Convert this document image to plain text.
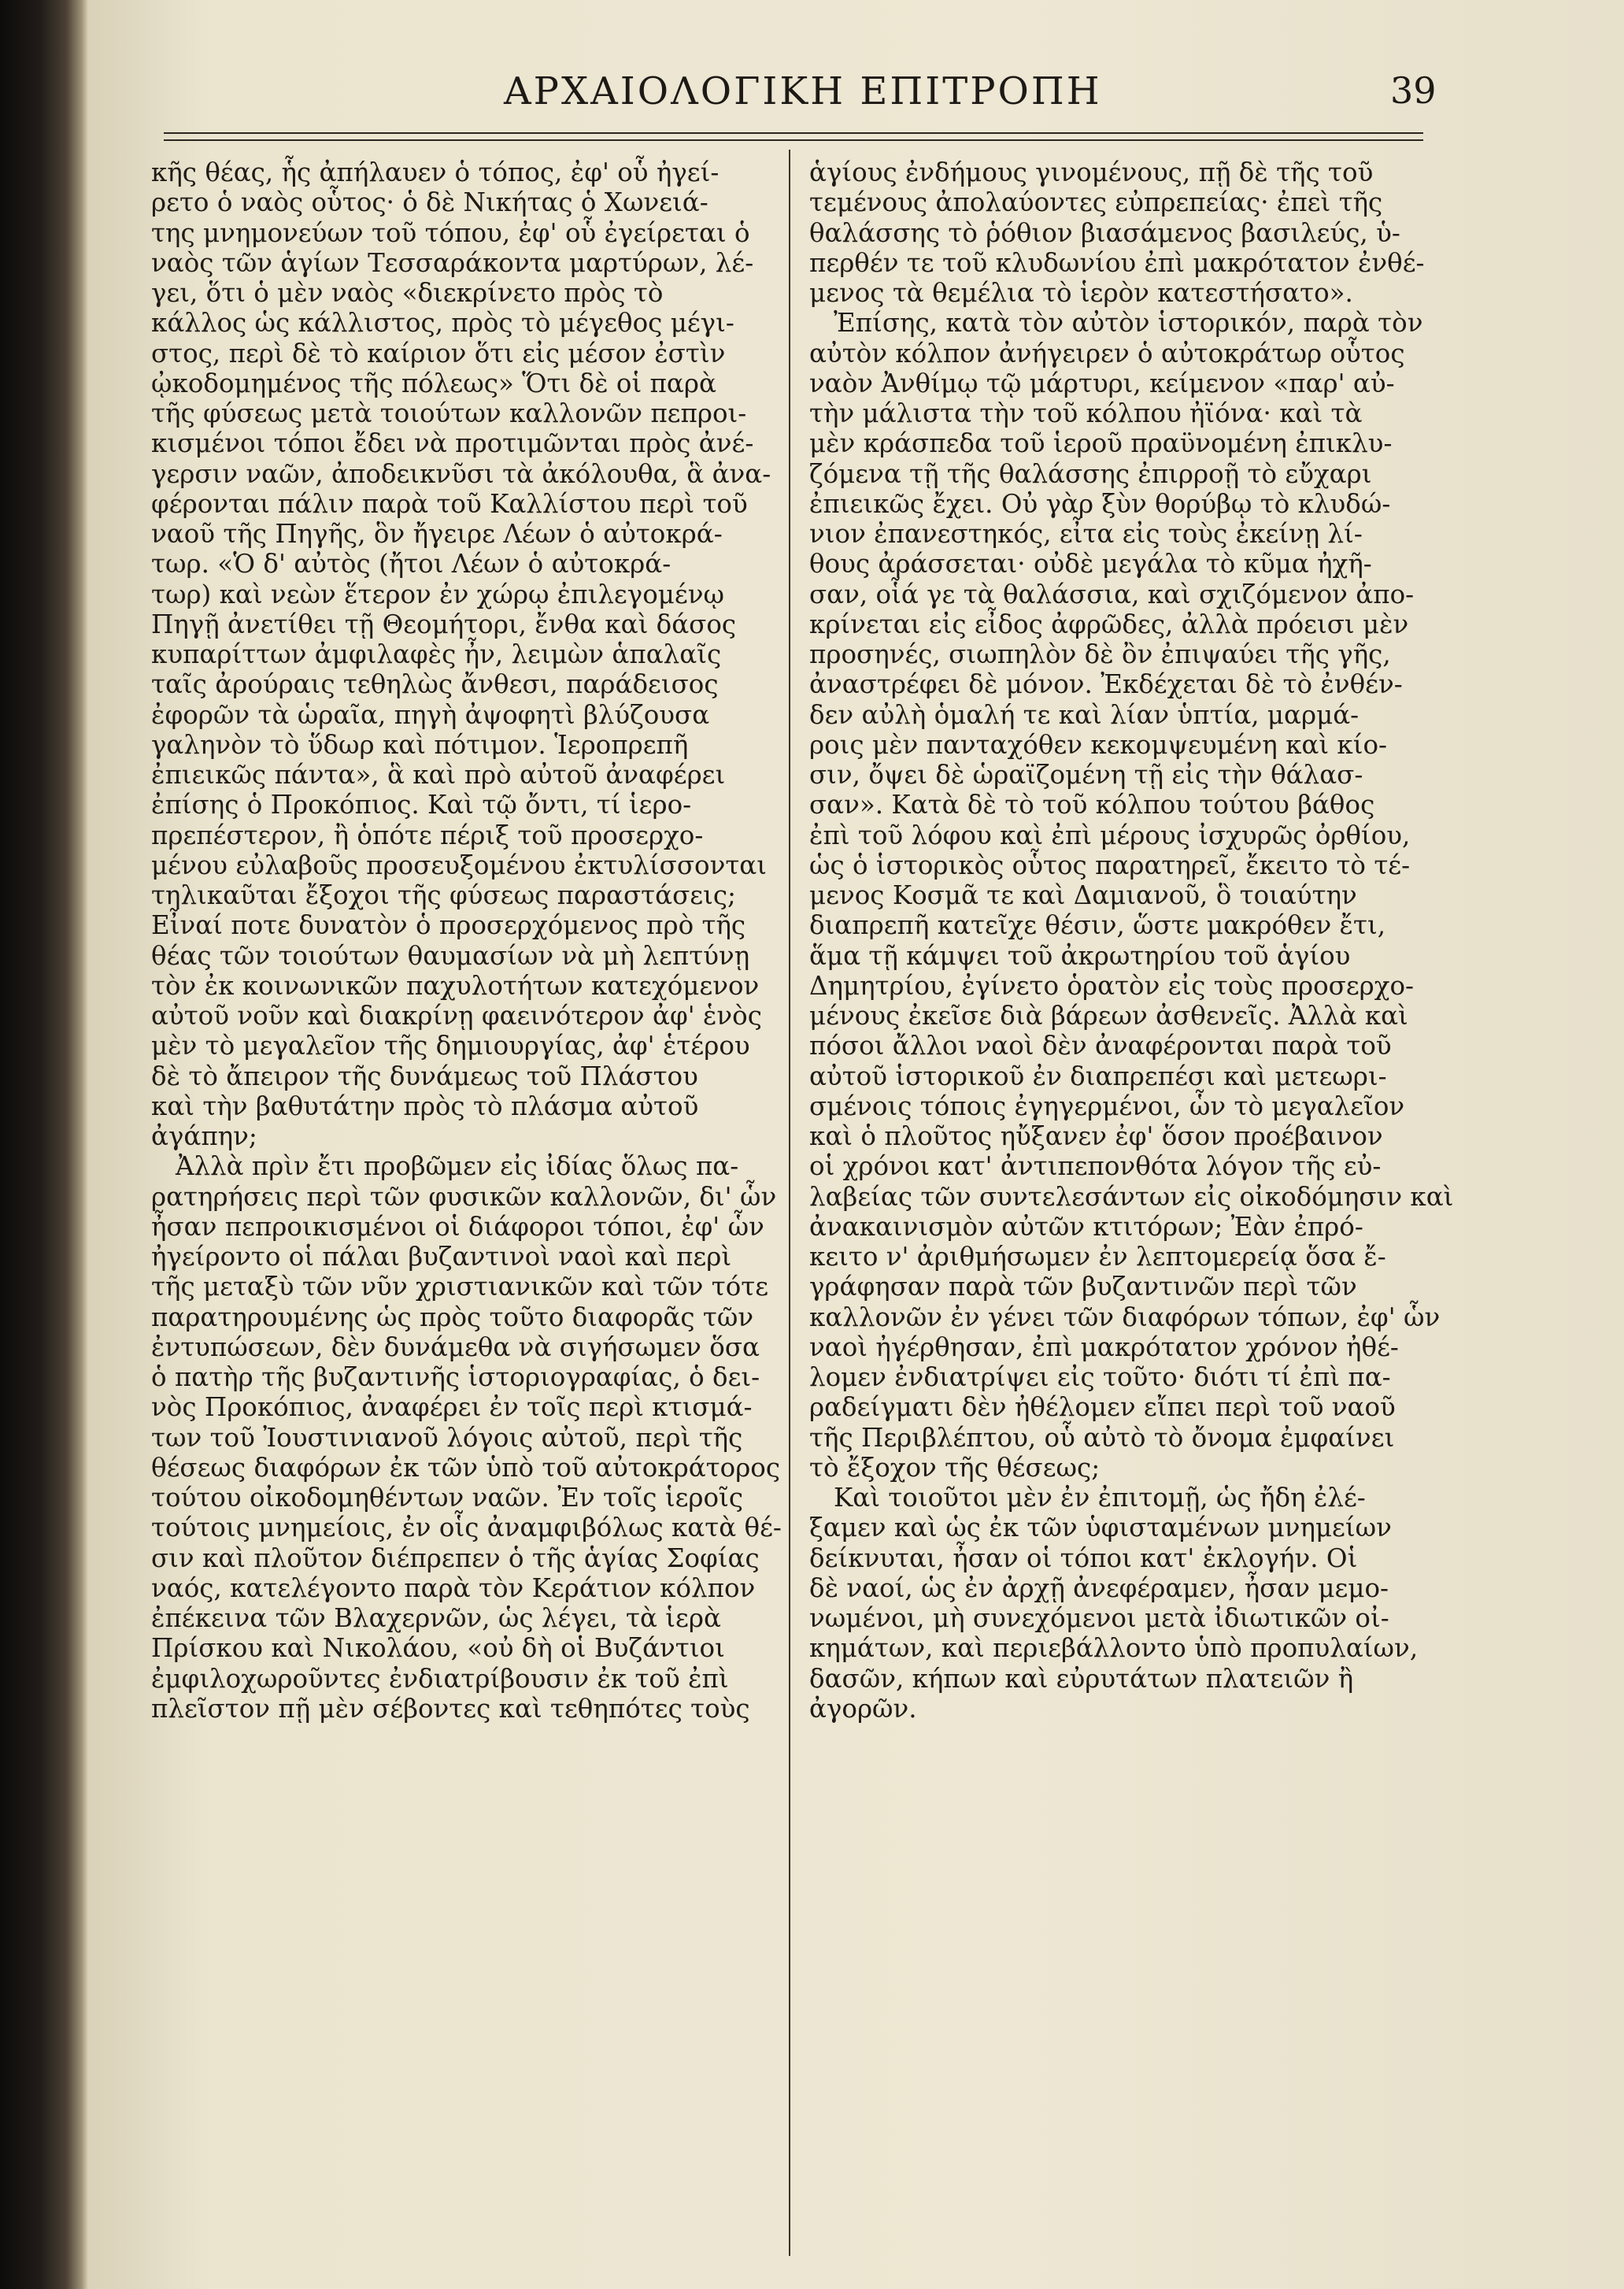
ΑΡΧΑΙΟΛΟΓΙΚΗ ΕΠΙΤΡΟΠΗ	39
κῆς θέας, ἧς ἀπήλαυεν ὁ τόπος, ἐφ' οὗ ἠγεί-
ρετο ὁ ναὸς οὗτος· ὁ δὲ Νικήτας ὁ Χωνειά-
της μνημονεύων τοῦ τόπου, ἐφ' οὗ ἐγείρεται ὁ
ναὸς τῶν ἁγίων Τεσσαράκοντα μαρτύρων, λέ-
γει, ὅτι ὁ μὲν ναὸς «διεκρίνετο πρὸς τὸ
κάλλος ὡς κάλλιστος, πρὸς τὸ μέγεθος μέγι-
στος, περὶ δὲ τὸ καίριον ὅτι εἰς μέσον ἐστὶν
ᾠκοδομημένος τῆς πόλεως» Ὅτι δὲ οἱ παρὰ
τῆς φύσεως μετὰ τοιούτων καλλονῶν πεπροι-
κισμένοι τόποι ἔδει νὰ προτιμῶνται πρὸς ἀνέ-
γερσιν ναῶν, ἀποδεικνῦσι τὰ ἀκόλουθα, ἃ ἀνα-
φέρονται πάλιν παρὰ τοῦ Καλλίστου περὶ τοῦ
ναοῦ τῆς Πηγῆς, ὃν ἤγειρε Λέων ὁ αὐτοκρά-
τωρ. «Ὁ δ' αὐτὸς (ἤτοι Λέων ὁ αὐτοκρά-
τωρ) καὶ νεὼν ἕτερον ἐν χώρῳ ἐπιλεγομένῳ
Πηγῇ ἀνετίθει τῇ Θεομήτορι, ἔνθα καὶ δάσος
κυπαρίττων ἀμφιλαφὲς ἦν, λειμὼν ἁπαλαῖς
ταῖς ἀρούραις τεθηλὼς ἄνθεσι, παράδεισος
ἐφορῶν τὰ ὡραῖα, πηγὴ ἀψοφητὶ βλύζουσα
γαληνὸν τὸ ὕδωρ καὶ πότιμον. Ἱεροπρεπῆ
ἐπιεικῶς πάντα», ἃ καὶ πρὸ αὐτοῦ ἀναφέρει
ἐπίσης ὁ Προκόπιος. Καὶ τῷ ὄντι, τί ἱερο-
πρεπέστερον, ἢ ὁπότε πέριξ τοῦ προσερχο-
μένου εὐλαβοῦς προσευξομένου ἐκτυλίσσονται
τηλικαῦται ἔξοχοι τῆς φύσεως παραστάσεις;
Εἶναί ποτε δυνατὸν ὁ προσερχόμενος πρὸ τῆς
θέας τῶν τοιούτων θαυμασίων νὰ μὴ λεπτύνῃ
τὸν ἐκ κοινωνικῶν παχυλοτήτων κατεχόμενον
αὐτοῦ νοῦν καὶ διακρίνῃ φαεινότερον ἀφ' ἑνὸς
μὲν τὸ μεγαλεῖον τῆς δημιουργίας, ἀφ' ἑτέρου
δὲ τὸ ἄπειρον τῆς δυνάμεως τοῦ Πλάστου
καὶ τὴν βαθυτάτην πρὸς τὸ πλάσμα αὐτοῦ
ἀγάπην;
Ἀλλὰ πρὶν ἔτι προβῶμεν εἰς ἰδίας ὅλως πα-
ρατηρήσεις περὶ τῶν φυσικῶν καλλονῶν, δι' ὧν
ἦσαν πεπροικισμένοι οἱ διάφοροι τόποι, ἐφ' ὧν
ἠγείροντο οἱ πάλαι βυζαντινοὶ ναοὶ καὶ περὶ
τῆς μεταξὺ τῶν νῦν χριστιανικῶν καὶ τῶν τότε
παρατηρουμένης ὡς πρὸς τοῦτο διαφορᾶς τῶν
ἐντυπώσεων, δὲν δυνάμεθα νὰ σιγήσωμεν ὅσα
ὁ πατὴρ τῆς βυζαντινῆς ἱστοριογραφίας, ὁ δει-
νὸς Προκόπιος, ἀναφέρει ἐν τοῖς περὶ κτισμά-
των τοῦ Ἰουστινιανοῦ λόγοις αὐτοῦ, περὶ τῆς
θέσεως διαφόρων ἐκ τῶν ὑπὸ τοῦ αὐτοκράτορος
τούτου οἰκοδομηθέντων ναῶν. Ἐν τοῖς ἱεροῖς
τούτοις μνημείοις, ἐν οἷς ἀναμφιβόλως κατὰ θέ-
σιν καὶ πλοῦτον διέπρεπεν ὁ τῆς ἁγίας Σοφίας
ναός, κατελέγοντο παρὰ τὸν Κεράτιον κόλπον
ἐπέκεινα τῶν Βλαχερνῶν, ὡς λέγει, τὰ ἱερὰ
Πρίσκου καὶ Νικολάου, «οὐ δὴ οἱ Βυζάντιοι
ἐμφιλοχωροῦντες ἐνδιατρίβουσιν ἐκ τοῦ ἐπὶ
πλεῖστον πῇ μὲν σέβοντες καὶ τεθηπότες τοὺς
ἁγίους ἐνδήμους γινομένους, πῇ δὲ τῆς τοῦ
τεμένους ἀπολαύοντες εὐπρεπείας· ἐπεὶ τῆς
θαλάσσης τὸ ῥόθιον βιασάμενος βασιλεύς, ὑ-
περθέν τε τοῦ κλυδωνίου ἐπὶ μακρότατον ἐνθέ-
μενος τὰ θεμέλια τὸ ἱερὸν κατεστήσατο».
Ἐπίσης, κατὰ τὸν αὐτὸν ἱστορικόν, παρὰ τὸν
αὐτὸν κόλπον ἀνήγειρεν ὁ αὐτοκράτωρ οὗτος
ναὸν Ἀνθίμῳ τῷ μάρτυρι, κείμενον «παρ' αὐ-
τὴν μάλιστα τὴν τοῦ κόλπου ἠϊόνα· καὶ τὰ
μὲν κράσπεδα τοῦ ἱεροῦ πραϋνομένη ἐπικλυ-
ζόμενα τῇ τῆς θαλάσσης ἐπιρροῇ τὸ εὔχαρι
ἐπιεικῶς ἔχει. Οὐ γὰρ ξὺν θορύβῳ τὸ κλυδώ-
νιον ἐπανεστηκός, εἶτα εἰς τοὺς ἐκείνῃ λί-
θους ἀράσσεται· οὐδὲ μεγάλα τὸ κῦμα ἠχῆ-
σαν, οἷά γε τὰ θαλάσσια, καὶ σχιζόμενον ἀπο-
κρίνεται εἰς εἶδος ἀφρῶδες, ἀλλὰ πρόεισι μὲν
προσηνές, σιωπηλὸν δὲ ὂν ἐπιψαύει τῆς γῆς,
ἀναστρέφει δὲ μόνον. Ἐκδέχεται δὲ τὸ ἐνθέν-
δεν αὐλὴ ὁμαλή τε καὶ λίαν ὑπτία, μαρμά-
ροις μὲν πανταχόθεν κεκομψευμένη καὶ κίο-
σιν, ὄψει δὲ ὡραϊζομένη τῇ εἰς τὴν θάλασ-
σαν». Κατὰ δὲ τὸ τοῦ κόλπου τούτου βάθος
ἐπὶ τοῦ λόφου καὶ ἐπὶ μέρους ἰσχυρῶς ὀρθίου,
ὡς ὁ ἱστορικὸς οὗτος παρατηρεῖ, ἔκειτο τὸ τέ-
μενος Κοσμᾶ τε καὶ Δαμιανοῦ, ὃ τοιαύτην
διαπρεπῆ κατεῖχε θέσιν, ὥστε μακρόθεν ἔτι,
ἅμα τῇ κάμψει τοῦ ἀκρωτηρίου τοῦ ἁγίου
Δημητρίου, ἐγίνετο ὁρατὸν εἰς τοὺς προσερχο-
μένους ἐκεῖσε διὰ βάρεων ἀσθενεῖς. Ἀλλὰ καὶ
πόσοι ἄλλοι ναοὶ δὲν ἀναφέρονται παρὰ τοῦ
αὐτοῦ ἱστορικοῦ ἐν διαπρεπέσι καὶ μετεωρι-
σμένοις τόποις ἐγηγερμένοι, ὧν τὸ μεγαλεῖον
καὶ ὁ πλοῦτος ηὔξανεν ἐφ' ὅσον προέβαινον
οἱ χρόνοι κατ' ἀντιπεπονθότα λόγον τῆς εὐ-
λαβείας τῶν συντελεσάντων εἰς οἰκοδόμησιν καὶ
ἀνακαινισμὸν αὐτῶν κτιτόρων; Ἐὰν ἐπρό-
κειτο ν' ἀριθμήσωμεν ἐν λεπτομερείᾳ ὅσα ἔ-
γράφησαν παρὰ τῶν βυζαντινῶν περὶ τῶν
καλλονῶν ἐν γένει τῶν διαφόρων τόπων, ἐφ' ὧν
ναοὶ ἠγέρθησαν, ἐπὶ μακρότατον χρόνον ἠθέ-
λομεν ἐνδιατρίψει εἰς τοῦτο· διότι τί ἐπὶ πα-
ραδείγματι δὲν ἠθέλομεν εἴπει περὶ τοῦ ναοῦ
τῆς Περιβλέπτου, οὗ αὐτὸ τὸ ὄνομα ἐμφαίνει
τὸ ἔξοχον τῆς θέσεως;
Καὶ τοιοῦτοι μὲν ἐν ἐπιτομῇ, ὡς ἤδη ἐλέ-
ξαμεν καὶ ὡς ἐκ τῶν ὑφισταμένων μνημείων
δείκνυται, ἦσαν οἱ τόποι κατ' ἐκλογήν. Οἱ
δὲ ναοί, ὡς ἐν ἀρχῇ ἀνεφέραμεν, ἦσαν μεμο-
νωμένοι, μὴ συνεχόμενοι μετὰ ἰδιωτικῶν οἰ-
κημάτων, καὶ περιεβάλλοντο ὑπὸ προπυλαίων,
δασῶν, κήπων καὶ εὐρυτάτων πλατειῶν ἢ
ἀγορῶν.
